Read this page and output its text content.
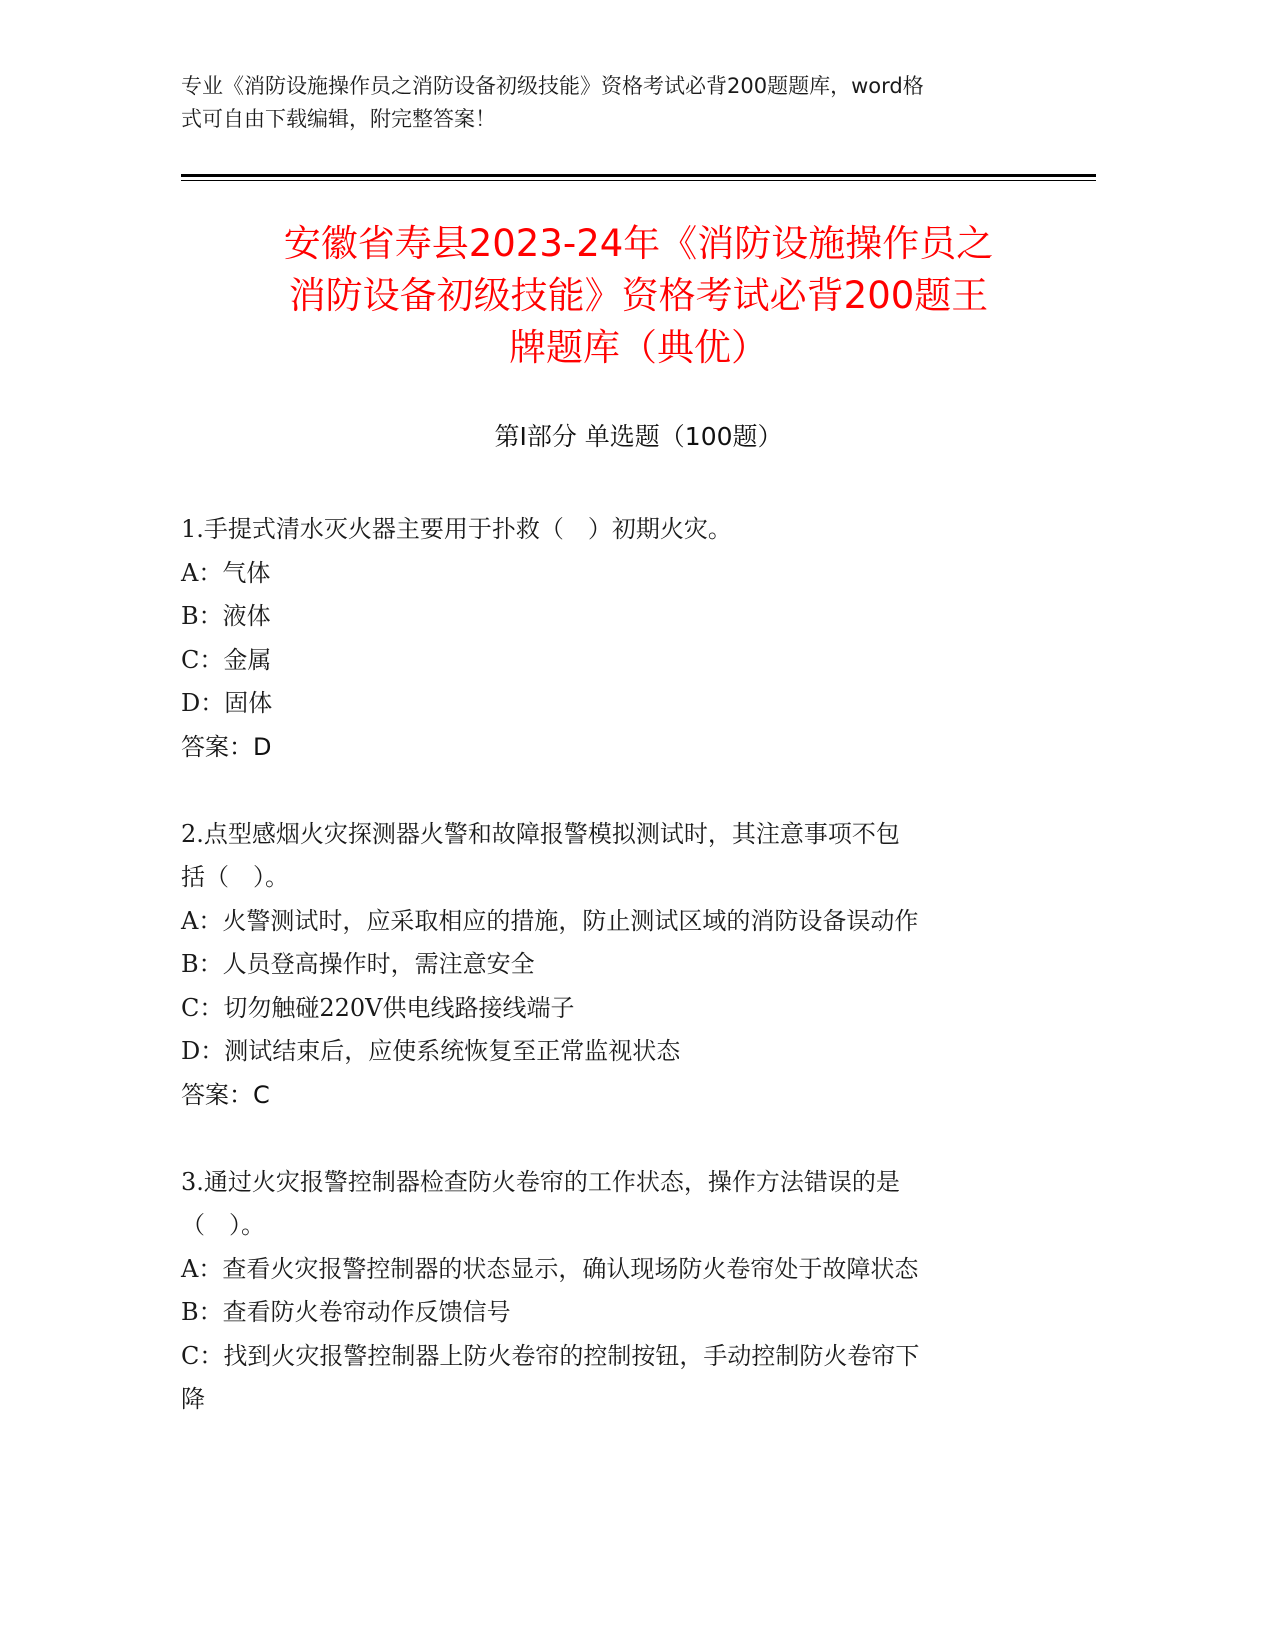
专业《消防设施操作员之消防设备初级技能》资格考试必背200题题库，word格
式可自由下载编辑，附完整答案！
安徽省寿县2023-24年《消防设施操作员之
消防设备初级技能》资格考试必背200题王
牌题库（典优）
第Ⅰ部分 单选题（100题）

1.手提式清水灭火器主要用于扑救（　）初期火灾。

A：气体

B：液体

C：金属

D：固体

答案：D

2.点型感烟火灾探测器火警和故障报警模拟测试时，其注意事项不包

括（　）。

A：火警测试时，应采取相应的措施，防止测试区域的消防设备误动作

B：人员登高操作时，需注意安全

C：切勿触碰220V供电线路接线端子

D：测试结束后，应使系统恢复至正常监视状态

答案：C

3.通过火灾报警控制器检查防火卷帘的工作状态，操作方法错误的是

（　）。

A：查看火灾报警控制器的状态显示，确认现场防火卷帘处于故障状态

B：查看防火卷帘动作反馈信号

C：找到火灾报警控制器上防火卷帘的控制按钮，手动控制防火卷帘下

降
